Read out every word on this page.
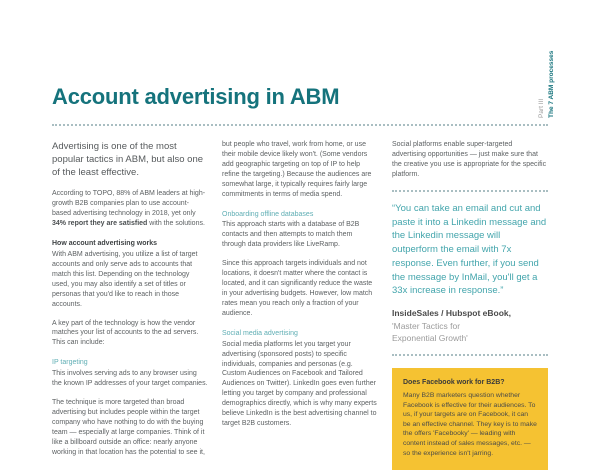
Account advertising in ABM	Part III The 7 ABM processes

Advertising is one of the most popular tactics in ABM, but also one of the least effective.

According to TOPO, 88% of ABM leaders at high-growth B2B companies plan to use account-based advertising technology in 2018, yet only 34% report they are satisfied with the solutions.

How account advertising works

With ABM advertising, you utilize a list of target accounts and only serve ads to accounts that match this list. Depending on the technology used, you may also identify a set of titles or personas that you'd like to reach in those accounts.

A key part of the technology is how the vendor matches your list of accounts to the ad servers. This can include:

IP targeting

This involves serving ads to any browser using the known IP addresses of your target companies.

The technique is more targeted than broad advertising but includes people within the target company who have nothing to do with the buying team — especially at large companies. Think of it like a billboard outside an office: nearly anyone working in that location has the potential to see it,

but people who travel, work from home, or use their mobile device likely won't. (Some vendors add geographic targeting on top of IP to help refine the targeting.) Because the audiences are somewhat large, it typically requires fairly large commitments in terms of media spend.

Onboarding offline databases

This approach starts with a database of B2B contacts and then attempts to match them through data providers like LiveRamp.

Since this approach targets individuals and not locations, it doesn't matter where the contact is located, and it can significantly reduce the waste in your advertising budgets. However, low match rates mean you reach only a fraction of your audience.

Social media advertising

Social media platforms let you target your advertising (sponsored posts) to specific individuals, companies and personas (e.g. Custom Audiences on Facebook and Tailored Audiences on Twitter). LinkedIn goes even further letting you target by company and professional demographics directly, which is why many experts believe LinkedIn is the best advertising channel to target B2B customers.

Social platforms enable super-targeted advertising opportunities — just make sure that the creative you use is appropriate for the specific platform.

“You can take an email and cut and paste it into a Linkedin message and the Linkedin message will outperform the email with 7x response. Even further, if you send the message by InMail, you'll get a 33x increase in response.”

InsideSales / Hubspot eBook,

'Master Tactics for Exponential Growth'

Does Facebook work for B2B?

Many B2B marketers question whether Facebook is effective for their audiences. To us, if your targets are on Facebook, it can be an effective channel. They key is to make the offers 'Facebooky' — leading with content instead of sales messages, etc. — so the experience isn't jarring.
